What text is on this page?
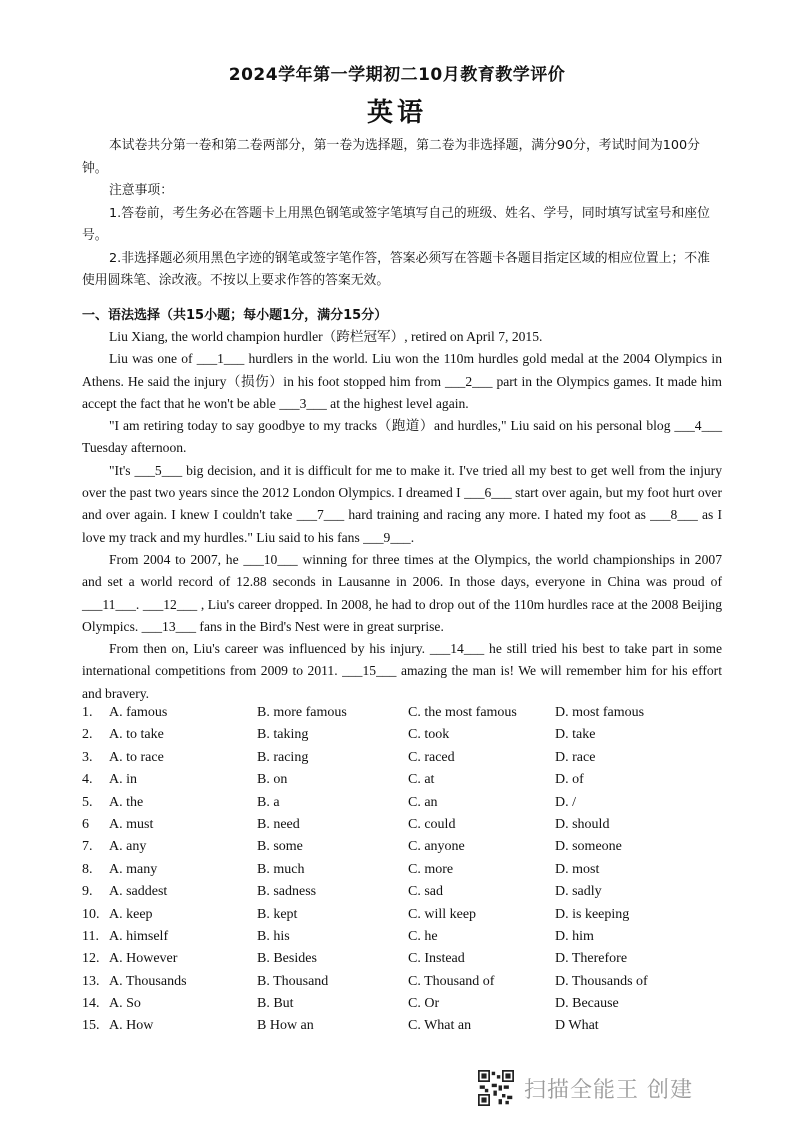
2024学年第一学期初二10月教育教学评价
英语

本试卷共分第一卷和第二卷两部分，第一卷为选择题，第二卷为非选择题，满分90分，考试时间为100分钟。

注意事项：

1.答卷前，考生务必在答题卡上用黑色钢笔或签字笔填写自己的班级、姓名、学号，同时填写试室号和座位号。

2.非选择题必须用黑色字迹的钢笔或签字笔作答，答案必须写在答题卡各题目指定区域的相应位置上；不准使用圆珠笔、涂改液。不按以上要求作答的答案无效。

一、语法选择（共15小题；每小题1分，满分15分）

Liu Xiang, the world champion hurdler（跨栏冠军）, retired on April 7, 2015.

Liu was one of ___1___ hurdlers in the world. Liu won the 110m hurdles gold medal at the 2004 Olympics in Athens. He said the injury（损伤）in his foot stopped him from ___2___ part in the Olympics games. It made him accept the fact that he won't be able ___3___ at the highest level again.

"I am retiring today to say goodbye to my tracks（跑道）and hurdles," Liu said on his personal blog ___4___ Tuesday afternoon.

"It's ___5___ big decision, and it is difficult for me to make it. I've tried all my best to get well from the injury over the past two years since the 2012 London Olympics. I dreamed I ___6___ start over again, but my foot hurt over and over again. I knew I couldn't take ___7___ hard training and racing any more. I hated my foot as ___8___ as I love my track and my hurdles." Liu said to his fans ___9___.

From 2004 to 2007, he ___10___ winning for three times at the Olympics, the world championships in 2007 and set a world record of 12.88 seconds in Lausanne in 2006. In those days, everyone in China was proud of ___11___. ___12___ , Liu's career dropped. In 2008, he had to drop out of the 110m hurdles race at the 2008 Beijing Olympics. ___13___ fans in the Bird's Nest were in great surprise.

From then on, Liu's career was influenced by his injury. ___14___ he still tried his best to take part in some international competitions from 2009 to 2011. ___15___ amazing the man is! We will remember him for his effort and bravery.

1. A. famous	B. more famous	C. the most famous	D. most famous
2. A. to take	B. taking	C. took	D. take
3. A. to race	B. racing	C. raced	D. race
4. A. in	B. on	C. at	D. of
5. A. the	B. a	C. an	D. /
6 A. must	B. need	C. could	D. should
7. A. any	B. some	C. anyone	D. someone
8. A. many	B. much	C. more	D. most
9. A. saddest	B. sadness	C. sad	D. sadly
10. A. keep	B. kept	C. will keep	D. is keeping
11. A. himself	B. his	C. he	D. him
12. A. However	B. Besides	C. Instead	D. Therefore
13. A. Thousands	B. Thousand	C. Thousand of	D. Thousands of
14. A. So	B. But	C. Or	D. Because
15. A. How	B How an	C. What an	D What
扫描全能王 创建
